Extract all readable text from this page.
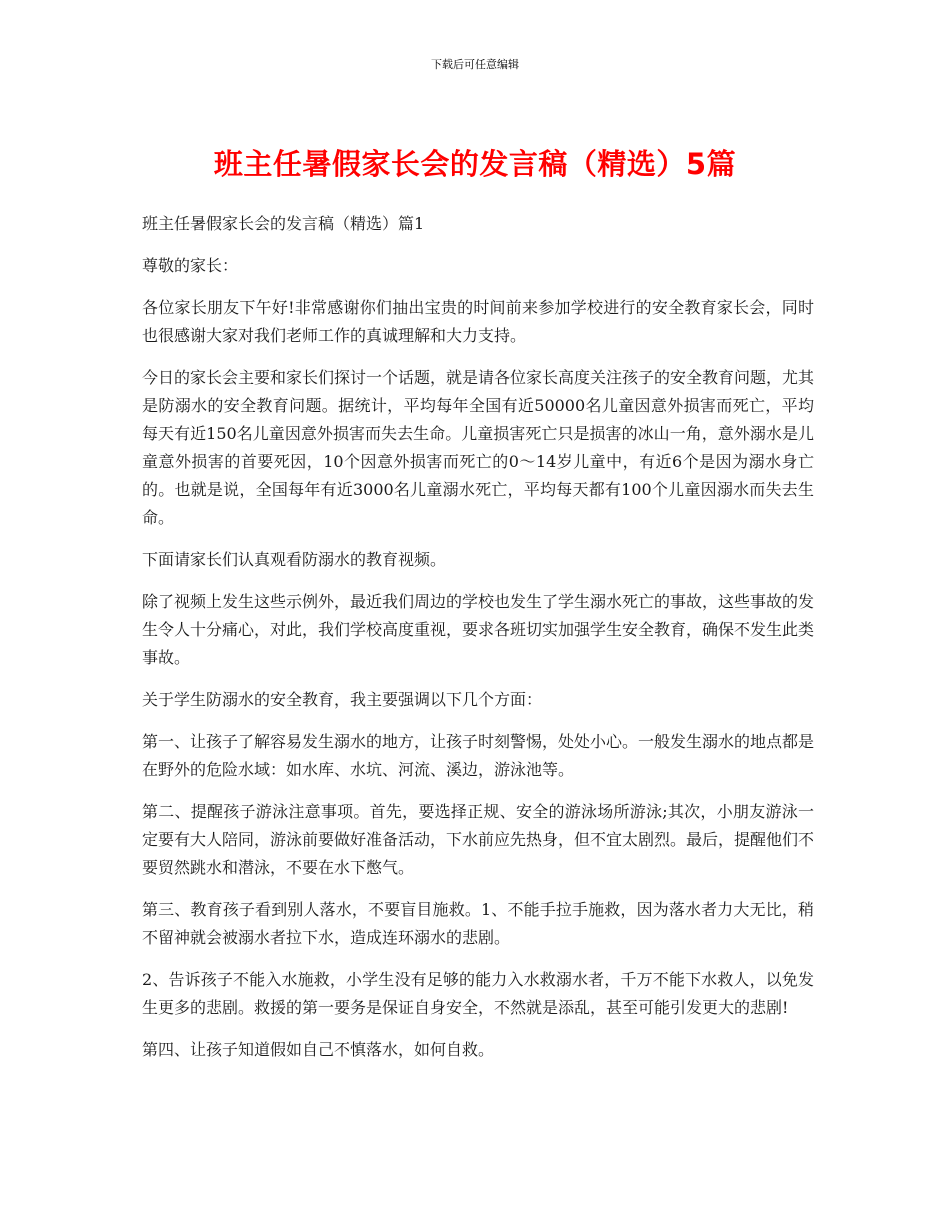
下载后可任意编辑
班主任暑假家长会的发言稿（精选）5篇

班主任暑假家长会的发言稿（精选）篇1

尊敬的家长：

各位家长朋友下午好!非常感谢你们抽出宝贵的时间前来参加学校进行的安全教育家长会，同时也很感谢大家对我们老师工作的真诚理解和大力支持。

今日的家长会主要和家长们探讨一个话题，就是请各位家长高度关注孩子的安全教育问题，尤其是防溺水的安全教育问题。据统计，平均每年全国有近50000名儿童因意外损害而死亡，平均每天有近150名儿童因意外损害而失去生命。儿童损害死亡只是损害的冰山一角，意外溺水是儿童意外损害的首要死因，10个因意外损害而死亡的0～14岁儿童中，有近6个是因为溺水身亡的。也就是说，全国每年有近3000名儿童溺水死亡，平均每天都有100个儿童因溺水而失去生命。

下面请家长们认真观看防溺水的教育视频。

除了视频上发生这些示例外，最近我们周边的学校也发生了学生溺水死亡的事故，这些事故的发生令人十分痛心，对此，我们学校高度重视，要求各班切实加强学生安全教育，确保不发生此类事故。

关于学生防溺水的安全教育，我主要强调以下几个方面：

第一、让孩子了解容易发生溺水的地方，让孩子时刻警惕，处处小心。一般发生溺水的地点都是在野外的危险水域：如水库、水坑、河流、溪边，游泳池等。

第二、提醒孩子游泳注意事项。首先，要选择正规、安全的游泳场所游泳;其次，小朋友游泳一定要有大人陪同，游泳前要做好准备活动，下水前应先热身，但不宜太剧烈。最后，提醒他们不要贸然跳水和潜泳，不要在水下憋气。

第三、教育孩子看到别人落水，不要盲目施救。1、不能手拉手施救，因为落水者力大无比，稍不留神就会被溺水者拉下水，造成连环溺水的悲剧。

2、告诉孩子不能入水施救，小学生没有足够的能力入水救溺水者，千万不能下水救人，以免发生更多的悲剧。救援的第一要务是保证自身安全，不然就是添乱，甚至可能引发更大的悲剧!

第四、让孩子知道假如自己不慎落水，如何自救。
